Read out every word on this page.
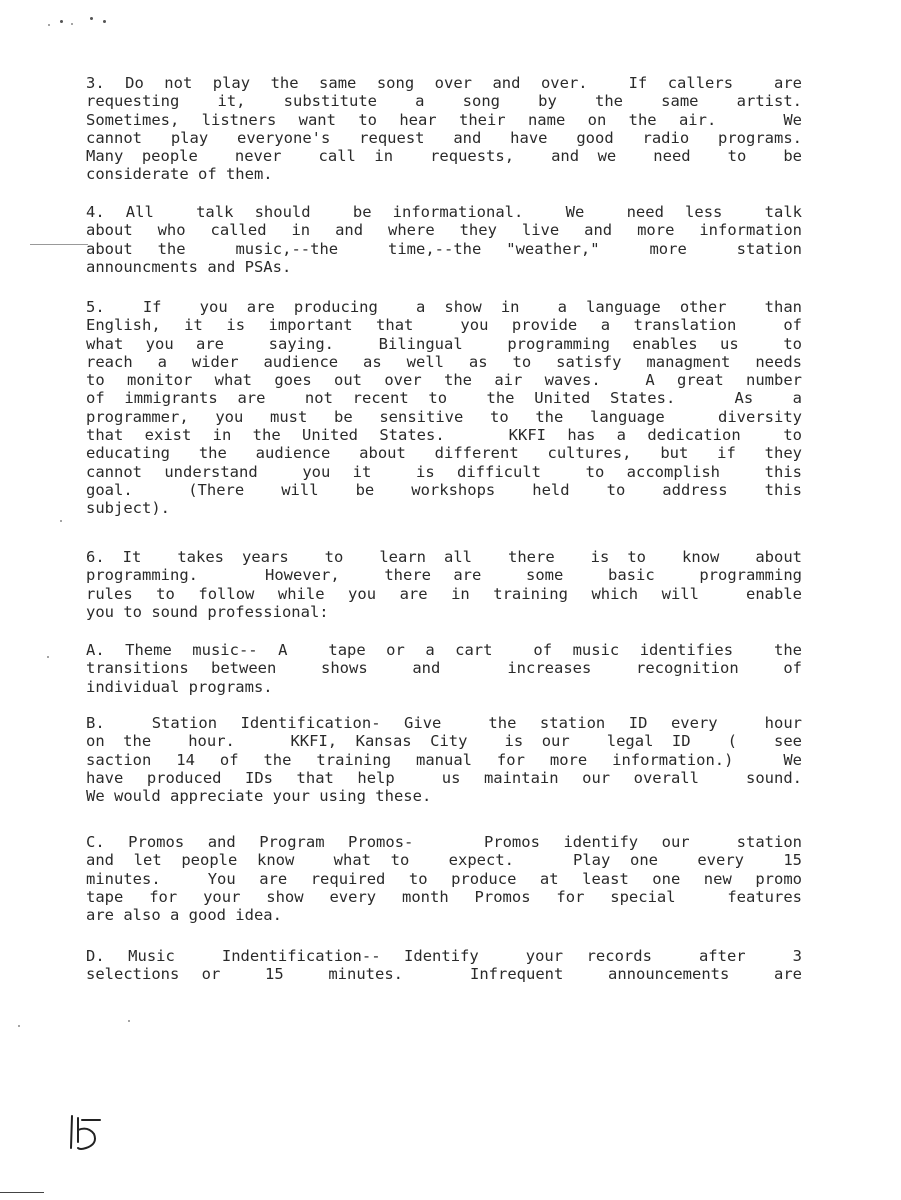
3. Do not play the same song over and over.  If callers  are
requesting  it,  substitute  a  song  by  the  same  artist.
Sometimes, listners want to hear their name on the air.   We
cannot play everyone's request and have good radio programs.
Many people  never  call in  requests,  and we  need  to  be
considerate of them.
4. All  talk should  be informational.  We  need less  talk
about who called in and where they live and more information
about the  music,--the  time,--the "weather,"  more  station
announcments and PSAs.
5.  If  you are producing  a show in  a language other  than
English, it is important that  you provide a translation  of
what you are  saying.  Bilingual  programming enables us  to
reach a wider audience as well as to satisfy managment needs
to monitor what goes out over the air waves.  A great number
of immigrants are  not recent to  the United States.   As  a
programmer, you must be sensitive to the language  diversity
that exist in the United States.   KKFI has a dedication  to
educating the audience about different cultures, but if they
cannot understand  you it  is difficult  to accomplish  this
goal.   (There  will  be  workshops  held  to  address  this
subject).
6. It  takes years  to  learn all  there  is to  know  about
programming.   However,  there are  some  basic  programming
rules to follow while you are in training which will  enable
you to sound professional:
A. Theme music-- A  tape or a cart  of music identifies  the
transitions between  shows  and   increases  recognition  of
individual programs.
B.  Station Identification- Give  the station ID every  hour
on the  hour.   KKFI, Kansas City  is our  legal ID  (  see
saction 14 of the training manual for more information.)  We
have produced IDs that help  us maintain our overall  sound.
We would appreciate your using these.
C. Promos and Program Promos-   Promos identify our  station
and let people know  what to  expect.   Play one  every  15
minutes.  You are required to produce at least one new promo
tape for your show every month Promos for special  features
are also a good idea.
D. Music  Indentification-- Identify  your records  after  3
selections or  15  minutes.   Infrequent  announcements  are
